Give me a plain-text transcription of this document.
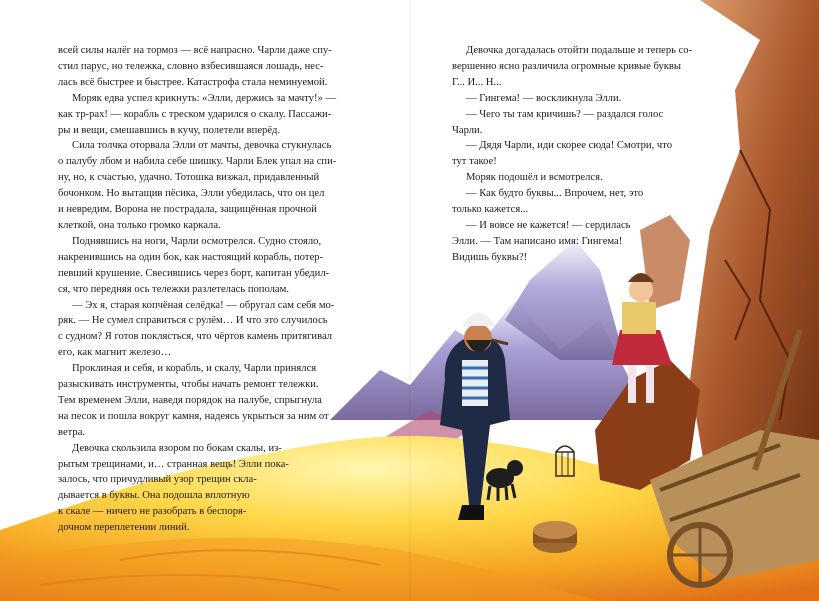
всей силы налёг на тормоз — всё напрасно. Чарли даже спу-
стил парус, но тележка, словно взбесившаяся лошадь, нес-
лась всё быстрее и быстрее. Катастрофа стала неминуемой.
Моряк едва успел крикнуть: «Элли, держись за мачту!» —
как тр-рах! — корабль с треском ударился о скалу. Пассажи-
ры и вещи, смешавшись в кучу, полетели вперёд.
Сила толчка оторвала Элли от мачты, девочка стукнулась
о палубу лбом и набила себе шишку. Чарли Блек упал на спи-
ну, но, к счастью, удачно. Тотошка визжал, придавленный
бочонком. Но вытащив пёсика, Элли убедилась, что он цел
и невредим. Ворона не пострадала, защищённая прочной
клеткой, она только громко каркала.
Поднявшись на ноги, Чарли осмотрелся. Судно стояло,
накренившись на один бок, как настоящий корабль, потер-
певший крушение. Свесившись через борт, капитан убедил-
ся, что передняя ось тележки разлетелась пополам.
— Эх я, старая копчёная селёдка! — обругал сам себя мо-
ряк. — Не сумел справиться с рулём… И что это случилось
с судном? Я готов поклясться, что чёртов камень притягивал
его, как магнит железо…
Проклиная и себя, и корабль, и скалу, Чарли принялся
разыскивать инструменты, чтобы начать ремонт тележки.
Тем временем Элли, наведя порядок на палубе, спрыгнула
на песок и пошла вокруг камня, надеясь укрыться за ним от
ветра.
Девочка скользила взором по бокам скалы, из-
рытым трещинами, и… странная вещь! Элли пока-
залось, что причудливый узор трещин скла-
дывается в буквы. Она подошла вплотную
к скале — ничего не разобрать в беспоря-
дочном переплетении линий.
Девочка догадалась отойти подальше и теперь со-
вершенно ясно различила огромные кривые буквы
Г... И... Н...
— Гингема! — воскликнула Элли.
— Чего ты там кричишь? — раздался голос
Чарли.
— Дядя Чарли, иди скорее сюда! Смотри, что
тут такое!
Моряк подошёл и всмотрелся.
— Как будто буквы... Впрочем, нет, это
только кажется...
— И вовсе не кажется! — сердилась
Элли. — Там написано имя: Гингема!
Видишь буквы?!
